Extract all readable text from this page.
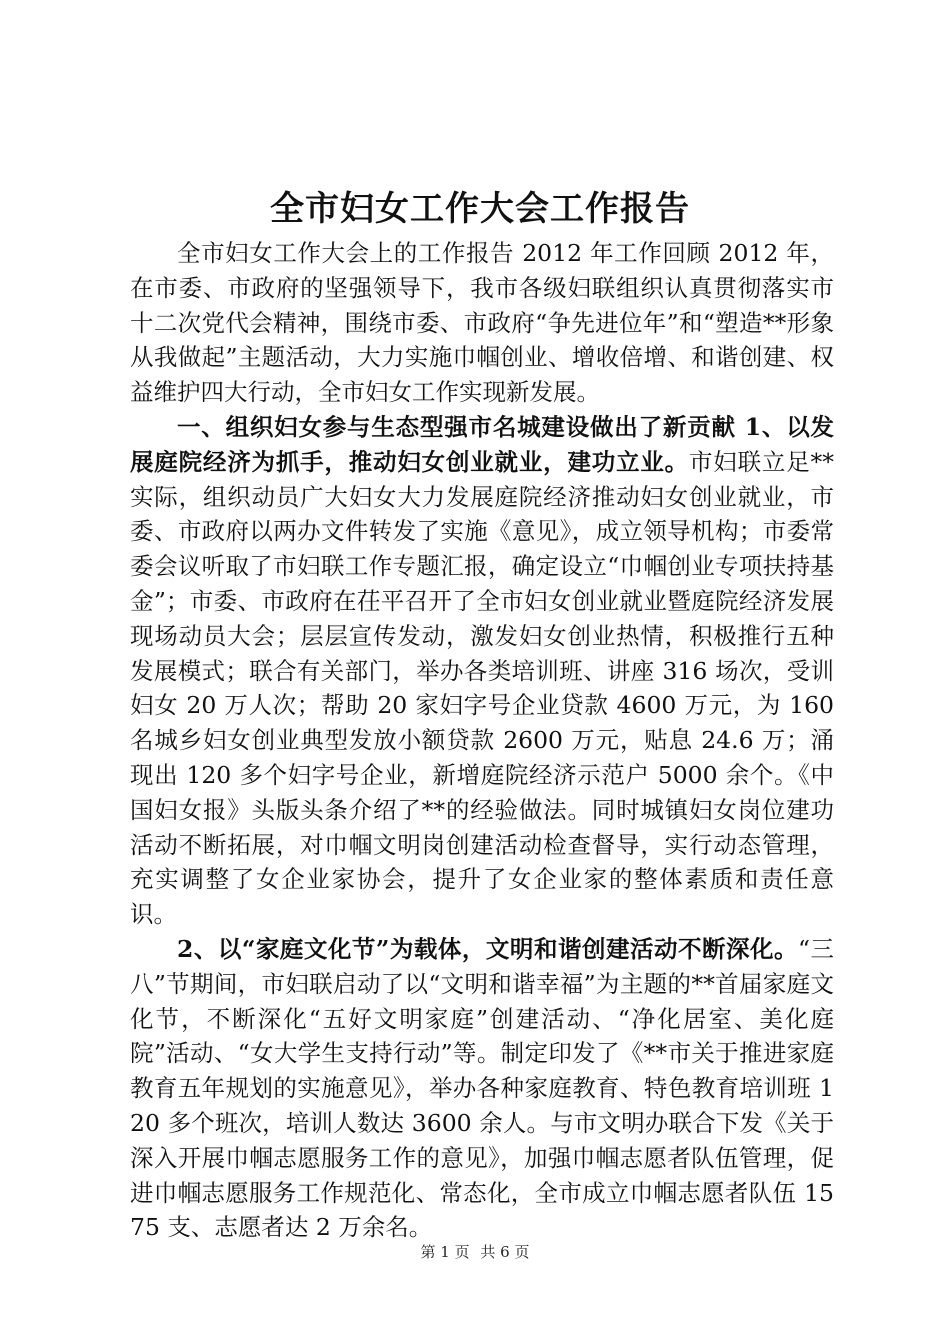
全市妇女工作大会工作报告

全市妇女工作大会上的工作报告 2012 年工作回顾 2012 年，在市委、市政府的坚强领导下，我市各级妇联组织认真贯彻落实市十二次党代会精神，围绕市委、市政府“争先进位年”和“塑造**形象从我做起”主题活动，大力实施巾帼创业、增收倍增、和谐创建、权益维护四大行动，全市妇女工作实现新发展。

一、组织妇女参与生态型强市名城建设做出了新贡献 1、以发展庭院经济为抓手，推动妇女创业就业，建功立业。市妇联立足**实际，组织动员广大妇女大力发展庭院经济推动妇女创业就业，市委、市政府以两办文件转发了实施《意见》，成立领导机构；市委常委会议听取了市妇联工作专题汇报，确定设立“巾帼创业专项扶持基金”；市委、市政府在茌平召开了全市妇女创业就业暨庭院经济发展现场动员大会；层层宣传发动，激发妇女创业热情，积极推行五种发展模式；联合有关部门，举办各类培训班、讲座 316 场次，受训妇女 20 万人次；帮助 20 家妇字号企业贷款 4600 万元，为 160 名城乡妇女创业典型发放小额贷款 2600 万元，贴息 24.6 万；涌现出 120 多个妇字号企业，新增庭院经济示范户 5000 余个。《中国妇女报》头版头条介绍了**的经验做法。同时城镇妇女岗位建功活动不断拓展，对巾帼文明岗创建活动检查督导，实行动态管理，充实调整了女企业家协会，提升了女企业家的整体素质和责任意识。

2、以“家庭文化节”为载体，文明和谐创建活动不断深化。“三八”节期间，市妇联启动了以“文明和谐幸福”为主题的**首届家庭文化节，不断深化“五好文明家庭”创建活动、“净化居室、美化庭院”活动、“女大学生支持行动”等。制定印发了《**市关于推进家庭教育五年规划的实施意见》，举办各种家庭教育、特色教育培训班 120 多个班次，培训人数达 3600 余人。与市文明办联合下发《关于深入开展巾帼志愿服务工作的意见》，加强巾帼志愿者队伍管理，促进巾帼志愿服务工作规范化、常态化，全市成立巾帼志愿者队伍 1575 支、志愿者达 2 万余名。

第 1 页 共 6 页
